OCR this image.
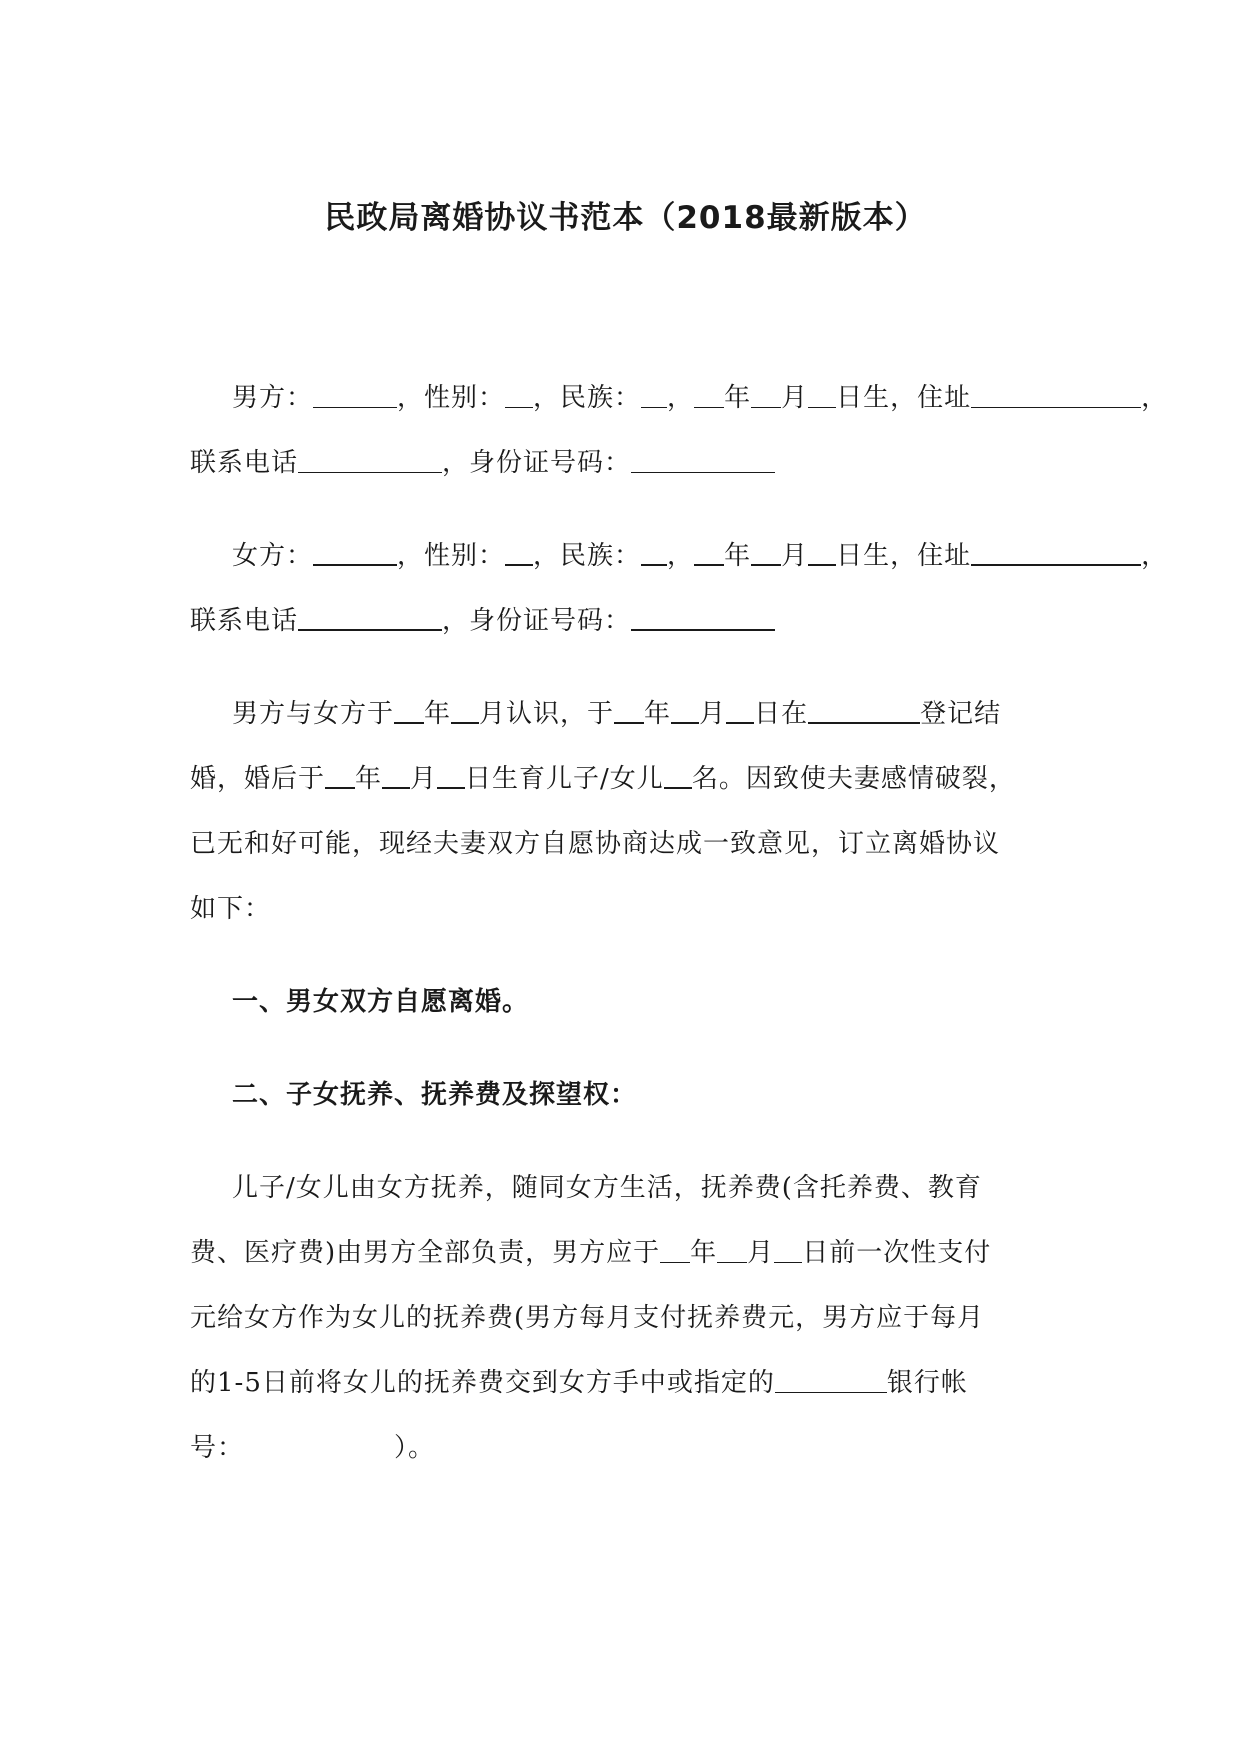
民政局离婚协议书范本（2018最新版本）
男方：	，性别： ，民族： ， 年 月 日生，住址	，
联系电话	，身份证号码：
女方：	，性别： ，民族： ， 年 月 日生，住址	，
联系电话	，身份证号码：
男方与女方于 年 月认识，于 年 月 日在	登记结
婚，婚后于 年 月 日生育儿子/女儿 名。因致使夫妻感情破裂，
已无和好可能，现经夫妻双方自愿协商达成一致意见，订立离婚协议
如下：
一、男女双方自愿离婚。
二、子女抚养、抚养费及探望权：
儿子/女儿由女方抚养，随同女方生活，抚养费(含托养费、教育
费、医疗费)由男方全部负责，男方应于 年 月 日前一次性支付
元给女方作为女儿的抚养费(男方每月支付抚养费元，男方应于每月
的1-5日前将女儿的抚养费交到女方手中或指定的	银行帐
号：	）。
